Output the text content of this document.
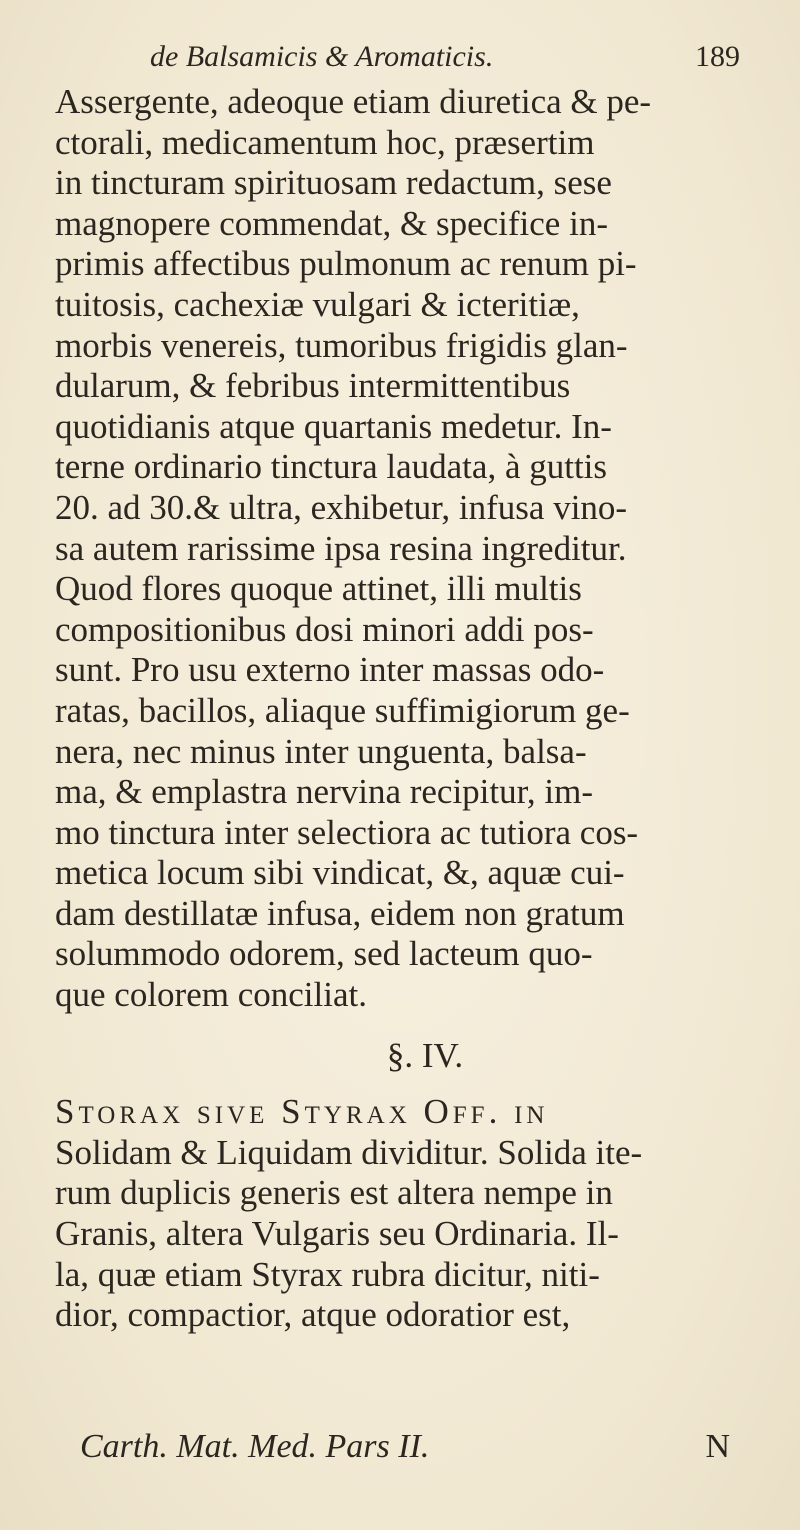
de Balsamicis & Aromaticis.	189
Assergente, adeoque etiam diuretica & pe-
ctorali, medicamentum hoc, præsertim
in tincturam spirituosam redactum, sese
magnopere commendat, & specifice in-
primis affectibus pulmonum ac renum pi-
tuitosis, cachexiæ vulgari & icteritiæ,
morbis venereis, tumoribus frigidis glan-
dularum, & febribus intermittentibus
quotidianis atque quartanis medetur. In-
terne ordinario tinctura laudata, à guttis
20. ad 30.& ultra, exhibetur, infusa vino-
sa autem rarissime ipsa resina ingreditur.
Quod flores quoque attinet, illi multis
compositionibus dosi minori addi pos-
sunt. Pro usu externo inter massas odo-
ratas, bacillos, aliaque suffimigiorum ge-
nera, nec minus inter unguenta, balsa-
ma, & emplastra nervina recipitur, im-
mo tinctura inter selectiora ac tutiora cos-
metica locum sibi vindicat, &, aquæ cui-
dam destillatæ infusa, eidem non gratum
solummodo odorem, sed lacteum quo-
que colorem conciliat.
§. IV.
Storax sive Styrax Off. in
Solidam & Liquidam dividitur. Solida ite-
rum duplicis generis est altera nempe in
Granis, altera Vulgaris seu Ordinaria. Il-
la, quæ etiam Styrax rubra dicitur, niti-
dior, compactior, atque odoratior est,
Carth. Mat. Med. Pars II.	N
